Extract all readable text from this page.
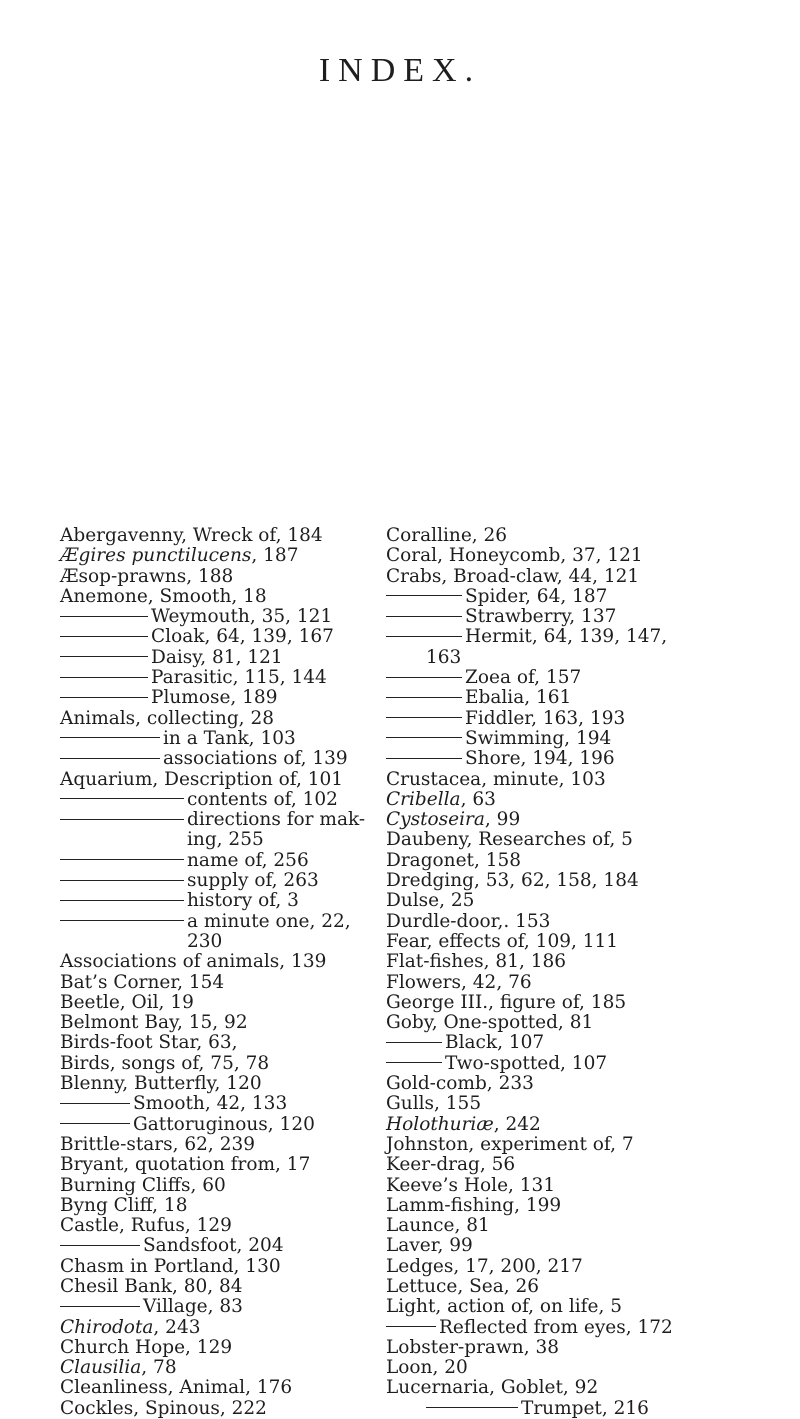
INDEX.
Abergavenny, Wreck of, 184
Ægires punctilucens, 187
Æsop-prawns, 188
Anemone, Smooth, 18
Weymouth, 35, 121
Cloak, 64, 139, 167
Daisy, 81, 121
Parasitic, 115, 144
Plumose, 189
Animals, collecting, 28
in a Tank, 103
associations of, 139
Aquarium, Description of, 101
contents of, 102
directions for mak-
ing, 255
name of, 256
supply of, 263
history of, 3
a minute one, 22,
230
Associations of animals, 139
Bat’s Corner, 154
Beetle, Oil, 19
Belmont Bay, 15, 92
Birds-foot Star, 63,
Birds, songs of, 75, 78
Blenny, Butterfly, 120
Smooth, 42, 133
Gattoruginous, 120
Brittle-stars, 62, 239
Bryant, quotation from, 17
Burning Cliffs, 60
Byng Cliff, 18
Castle, Rufus, 129
Sandsfoot, 204
Chasm in Portland, 130
Chesil Bank, 80, 84
Village, 83
Chirodota, 243
Church Hope, 129
Clausilia, 78
Cleanliness, Animal, 176
Cockles, Spinous, 222
Coralline, 26
Coral, Honeycomb, 37, 121
Crabs, Broad-claw, 44, 121
Spider, 64, 187
Strawberry, 137
Hermit, 64, 139, 147,
163
Zoea of, 157
Ebalia, 161
Fiddler, 163, 193
Swimming, 194
Shore, 194, 196
Crustacea, minute, 103
Cribella, 63
Cystoseira, 99
Daubeny, Researches of, 5
Dragonet, 158
Dredging, 53, 62, 158, 184
Dulse, 25
Durdle-door,. 153
Fear, effects of, 109, 111
Flat-fishes, 81, 186
Flowers, 42, 76
George III., figure of, 185
Goby, One-spotted, 81
Black, 107
Two-spotted, 107
Gold-comb, 233
Gulls, 155
Holothuriæ, 242
Johnston, experiment of, 7
Keer-drag, 56
Keeve’s Hole, 131
Lamm-fishing, 199
Launce, 81
Laver, 99
Ledges, 17, 200, 217
Lettuce, Sea, 26
Light, action of, on life, 5
Reflected from eyes, 172
Lobster-prawn, 38
Loon, 20
Lucernaria, Goblet, 92
Trumpet, 216
